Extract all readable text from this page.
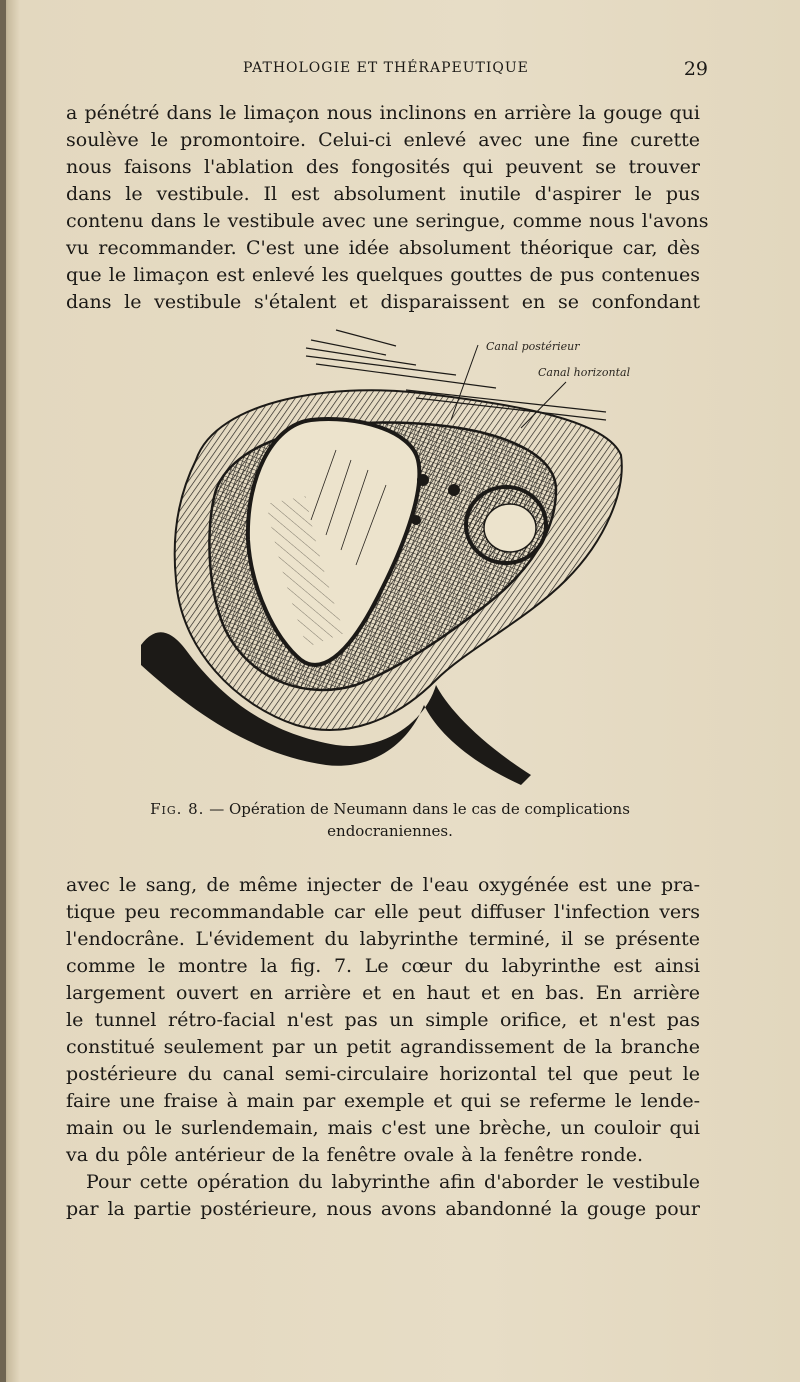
PATHOLOGIE ET THÉRAPEUTIQUE	29
a pénétré dans le limaçon nous inclinons en arrière la gouge qui
soulève le promontoire. Celui-ci enlevé avec une fine curette
nous faisons l'ablation des fongosités qui peuvent se trouver
dans le vestibule. Il est absolument inutile d'aspirer le pus
contenu dans le vestibule avec une seringue, comme nous l'avons
vu recommander. C'est une idée absolument théorique car, dès
que le limaçon est enlevé les quelques gouttes de pus contenues
dans le vestibule s'étalent et disparaissent en se confondant
Canal postérieur
Canal horizontal
Fig. 8. — Opération de Neumann dans le cas de complications
endocraniennes.
avec le sang, de même injecter de l'eau oxygénée est une pra-
tique peu recommandable car elle peut diffuser l'infection vers
l'endocrâne. L'évidement du labyrinthe terminé, il se présente
comme le montre la fig. 7. Le cœur du labyrinthe est ainsi
largement ouvert en arrière et en haut et en bas. En arrière
le tunnel rétro-facial n'est pas un simple orifice, et n'est pas
constitué seulement par un petit agrandissement de la branche
postérieure du canal semi-circulaire horizontal tel que peut le
faire une fraise à main par exemple et qui se referme le lende-
main ou le surlendemain, mais c'est une brèche, un couloir qui
va du pôle antérieur de la fenêtre ovale à la fenêtre ronde.
Pour cette opération du labyrinthe afin d'aborder le vestibule
par la partie postérieure, nous avons abandonné la gouge pour
